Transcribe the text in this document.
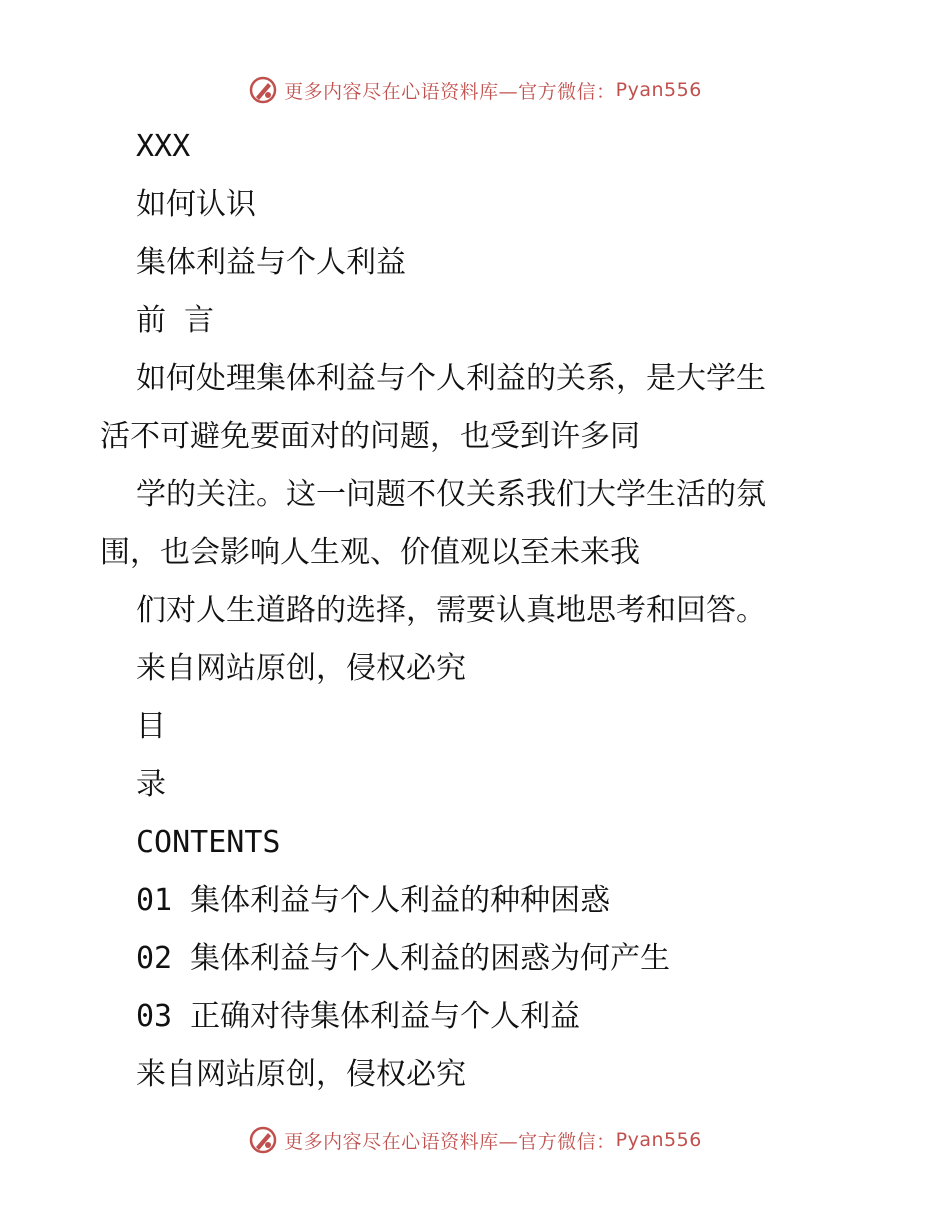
更多内容尽在心语资料库—官方微信： Pyan556

XXX

如何认识

集体利益与个人利益

前 言

如何处理集体利益与个人利益的关系，是大学生

活不可避免要面对的问题，也受到许多同

学的关注。这一问题不仅关系我们大学生活的氛

围，也会影响人生观、价值观以至未来我

们对人生道路的选择，需要认真地思考和回答。

来自网站原创，侵权必究

目

录

CONTENTS

01 集体利益与个人利益的种种困惑

02 集体利益与个人利益的困惑为何产生

03 正确对待集体利益与个人利益

来自网站原创，侵权必究

更多内容尽在心语资料库—官方微信： Pyan556
